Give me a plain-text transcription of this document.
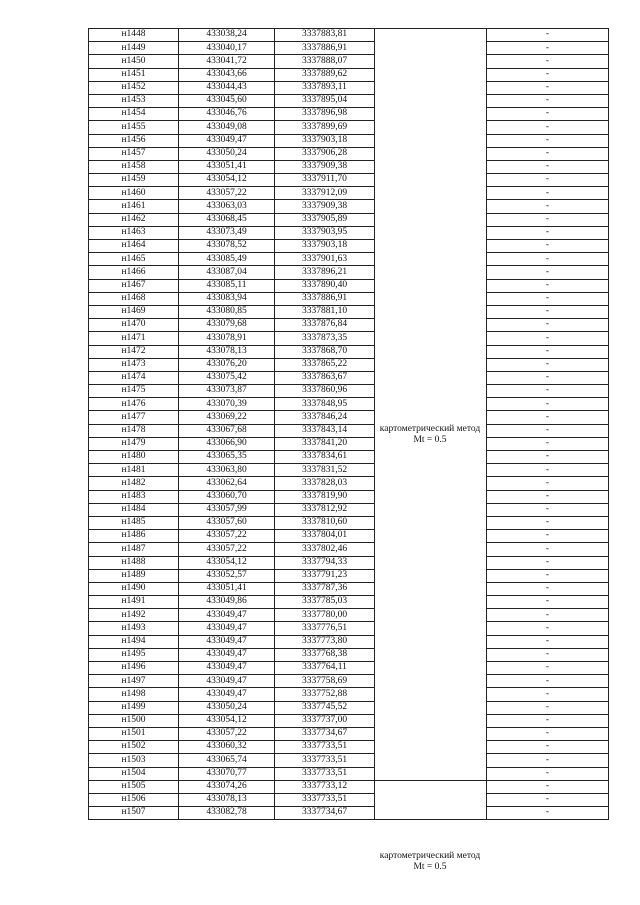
н1448	433038,24	3337883,81		-
н1449	433040,17	3337886,91		-
н1450	433041,72	3337888,07		-
н1451	433043,66	3337889,62		-
н1452	433044,43	3337893,11		-
н1453	433045,60	3337895,04		-
н1454	433046,76	3337896,98		-
н1455	433049,08	3337899,69		-
н1456	433049,47	3337903,18		-
н1457	433050,24	3337906,28		-
н1458	433051,41	3337909,38		-
н1459	433054,12	3337911,70		-
н1460	433057,22	3337912,09		-
н1461	433063,03	3337909,38		-
н1462	433068,45	3337905,89		-
н1463	433073,49	3337903,95		-
н1464	433078,52	3337903,18		-
н1465	433085,49	3337901,63		-
н1466	433087,04	3337896,21		-
н1467	433085,11	3337890,40		-
н1468	433083,94	3337886,91		-
н1469	433080,85	3337881,10		-
н1470	433079,68	3337876,84		-
н1471	433078,91	3337873,35		-
н1472	433078,13	3337868,70		-
н1473	433076,20	3337865,22		-
н1474	433075,42	3337863,67		-
н1475	433073,87	3337860,96		-
н1476	433070,39	3337848,95		-
н1477	433069,22	3337846,24		-
н1478	433067,68	3337843,14		-
н1479	433066,90	3337841,20		-
н1480	433065,35	3337834,61		-
н1481	433063,80	3337831,52		-
н1482	433062,64	3337828,03		-
н1483	433060,70	3337819,90		-
н1484	433057,99	3337812,92		-
н1485	433057,60	3337810,60		-
н1486	433057,22	3337804,01		-
н1487	433057,22	3337802,46		-
н1488	433054,12	3337794,33		-
н1489	433052,57	3337791,23		-
н1490	433051,41	3337787,36		-
н1491	433049,86	3337785,03		-
н1492	433049,47	3337780,00		-
н1493	433049,47	3337776,51		-
н1494	433049,47	3337773,80		-
н1495	433049,47	3337768,38		-
н1496	433049,47	3337764,11		-
н1497	433049,47	3337758,69		-
н1498	433049,47	3337752,88		-
н1499	433050,24	3337745,52		-
н1500	433054,12	3337737,00		-
н1501	433057,22	3337734,67		-
н1502	433060,32	3337733,51		-
н1503	433065,74	3337733,51		-
н1504	433070,77	3337733,51		-
н1505	433074,26	3337733,12		-
н1506	433078,13	3337733,51		-
н1507	433082,78	3337734,67		-
картометрический метод Mt = 0.5
картометрический метод Mt = 0.5
